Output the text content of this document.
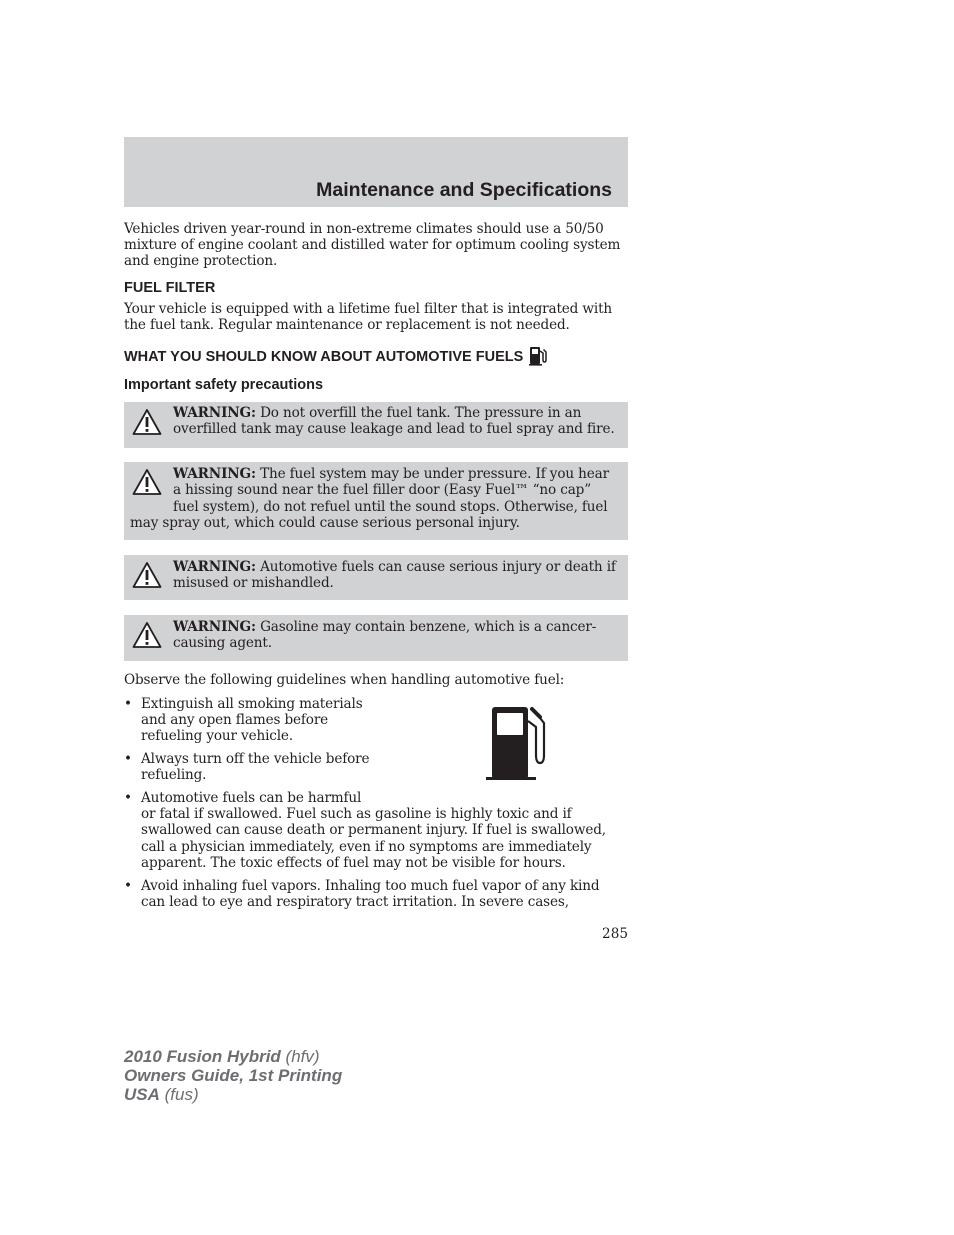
Maintenance and Specifications
Vehicles driven year-round in non-extreme climates should use a 50/50 mixture of engine coolant and distilled water for optimum cooling system and engine protection.
FUEL FILTER
Your vehicle is equipped with a lifetime fuel filter that is integrated with the fuel tank. Regular maintenance or replacement is not needed.
WHAT YOU SHOULD KNOW ABOUT AUTOMOTIVE FUELS
Important safety precautions
WARNING: Do not overfill the fuel tank. The pressure in an overfilled tank may cause leakage and lead to fuel spray and fire.
WARNING: The fuel system may be under pressure. If you hear a hissing sound near the fuel filler door (Easy Fuel™ “no cap” fuel system), do not refuel until the sound stops. Otherwise, fuel may spray out, which could cause serious personal injury.
WARNING: Automotive fuels can cause serious injury or death if misused or mishandled.
WARNING: Gasoline may contain benzene, which is a cancer-causing agent.
Observe the following guidelines when handling automotive fuel:
• Extinguish all smoking materials
and any open flames before
refueling your vehicle.
• Always turn off the vehicle before
refueling.
• Automotive fuels can be harmful
or fatal if swallowed. Fuel such as gasoline is highly toxic and if
swallowed can cause death or permanent injury. If fuel is swallowed,
call a physician immediately, even if no symptoms are immediately
apparent. The toxic effects of fuel may not be visible for hours.
• Avoid inhaling fuel vapors. Inhaling too much fuel vapor of any kind
can lead to eye and respiratory tract irritation. In severe cases,
285
2010 Fusion Hybrid (hfv)
Owners Guide, 1st Printing
USA (fus)
